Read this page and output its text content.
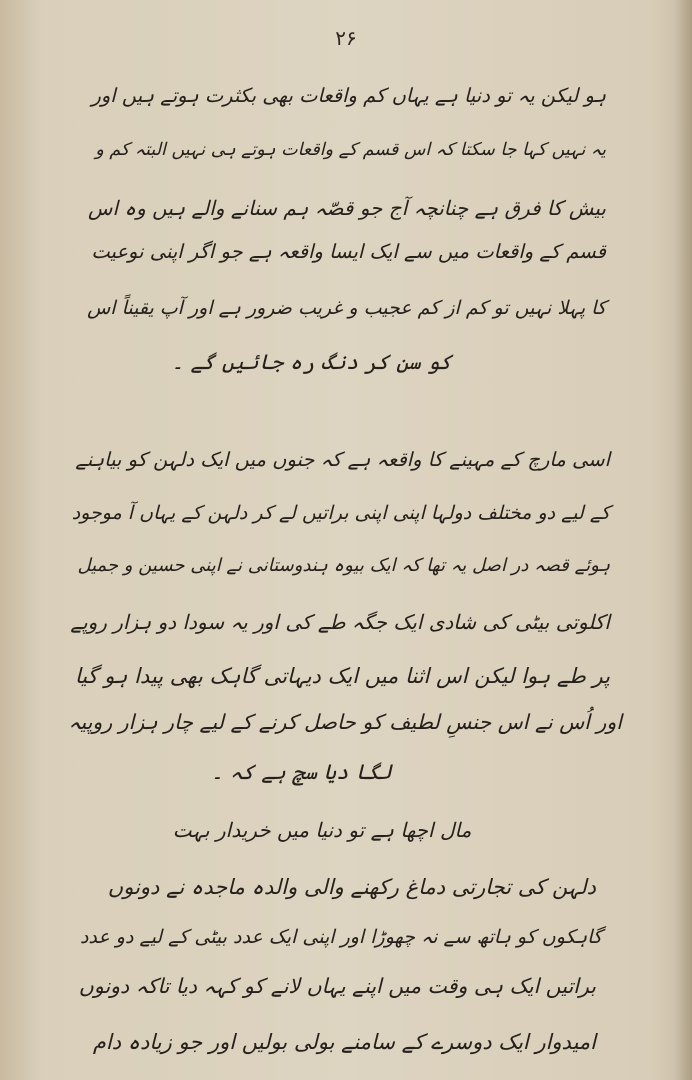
۲۶
ہو لیکن یہ تو دنیا ہے یہاں کم واقعات بھی بکثرت ہوتے ہیں اور
یہ نہیں کہا جا سکتا کہ اس قسم کے واقعات ہوتے ہی نہیں البتہ کم و
بیش کا فرق ہے چنانچہ آج جو قصّہ ہم سنانے والے ہیں وہ اس
قسم کے واقعات میں سے ایک ایسا واقعہ ہے جو اگر اپنی نوعیت
کا پہلا نہیں تو کم از کم عجیب و غریب ضرور ہے اور آپ یقیناً اس
کو سن کر دنگ رہ جائیں گے ۔
اسی مارچ کے مہینے کا واقعہ ہے کہ جنوں میں ایک دلہن کو بیاہنے
کے لیے دو مختلف دولہا اپنی اپنی براتیں لے کر دلہن کے یہاں آ موجود
ہوئے قصہ در اصل یہ تھا کہ ایک بیوہ ہندوستانی نے اپنی حسین و جمیل
اکلوتی بیٹی کی شادی ایک جگہ طے کی اور یہ سودا دو ہزار روپے
پر طے ہوا لیکن اس اثنا میں ایک دیہاتی گاہک بھی پیدا ہو گیا
اور اُس نے اس جنسِ لطیف کو حاصل کرنے کے لیے چار ہزار روپیہ
لگا دیا سچ ہے کہ ۔
مال اچھا ہے تو دنیا میں خریدار بہت
دلہن کی تجارتی دماغ رکھنے والی والدہ ماجدہ نے دونوں
گاہکوں کو ہاتھ سے نہ چھوڑا اور اپنی ایک عدد بیٹی کے لیے دو عدد
براتیں ایک ہی وقت میں اپنے یہاں لانے کو کہہ دیا تاکہ دونوں
امیدوار ایک دوسرے کے سامنے بولی بولیں اور جو زیادہ دام
